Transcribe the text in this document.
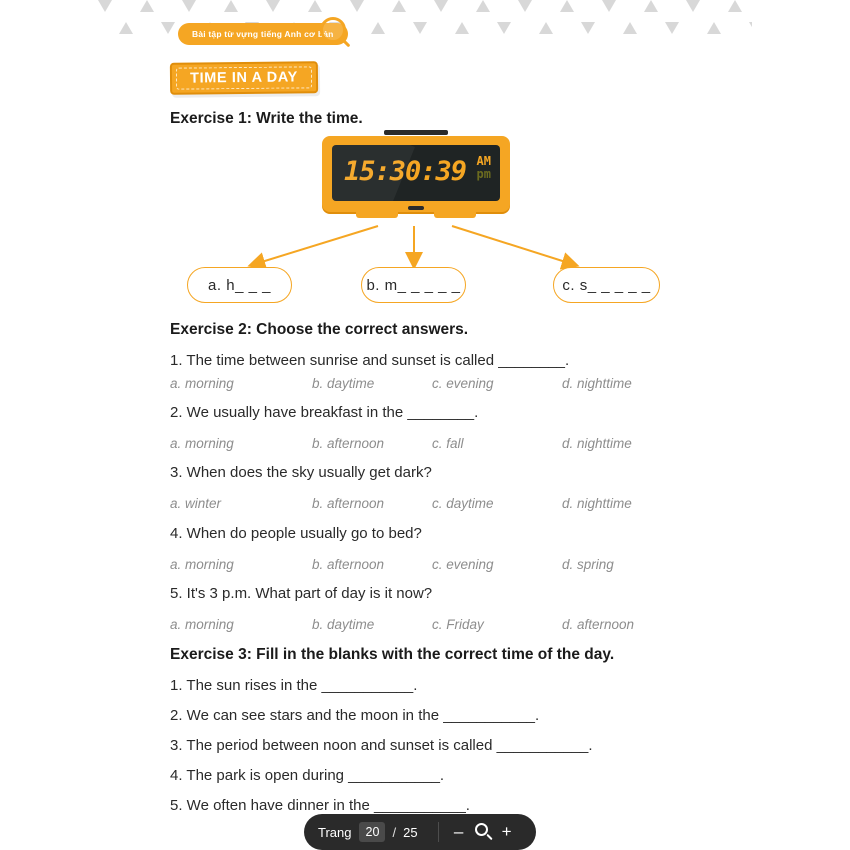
Bài tập từ vựng tiếng Anh cơ bản
TIME IN A DAY
Exercise 1: Write the time.
15:30:39 AM
pm
a. h_ _ _	b. m_ _ _ _ _	c. s_ _ _ _ _
Exercise 2: Choose the correct answers.
1. The time between sunrise and sunset is called ________.
a. morning	b. daytime	c. evening	d. nighttime
2. We usually have breakfast in the ________.
a. morning	b. afternoon	c. fall	d. nighttime
3. When does the sky usually get dark?
a. winter	b. afternoon	c. daytime	d. nighttime
4. When do people usually go to bed?
a. morning	b. afternoon	c. evening	d. spring
5. It's 3 p.m. What part of day is it now?
a. morning	b. daytime	c. Friday	d. afternoon
Exercise 3: Fill in the blanks with the correct time of the day.
1. The sun rises in the ___________.
2. We can see stars and the moon in the ___________.
3. The period between noon and sunset is called ___________.
4. The park is open during ___________.
5. We often have dinner in the ___________.
Trang	20	/ 25	–	+
